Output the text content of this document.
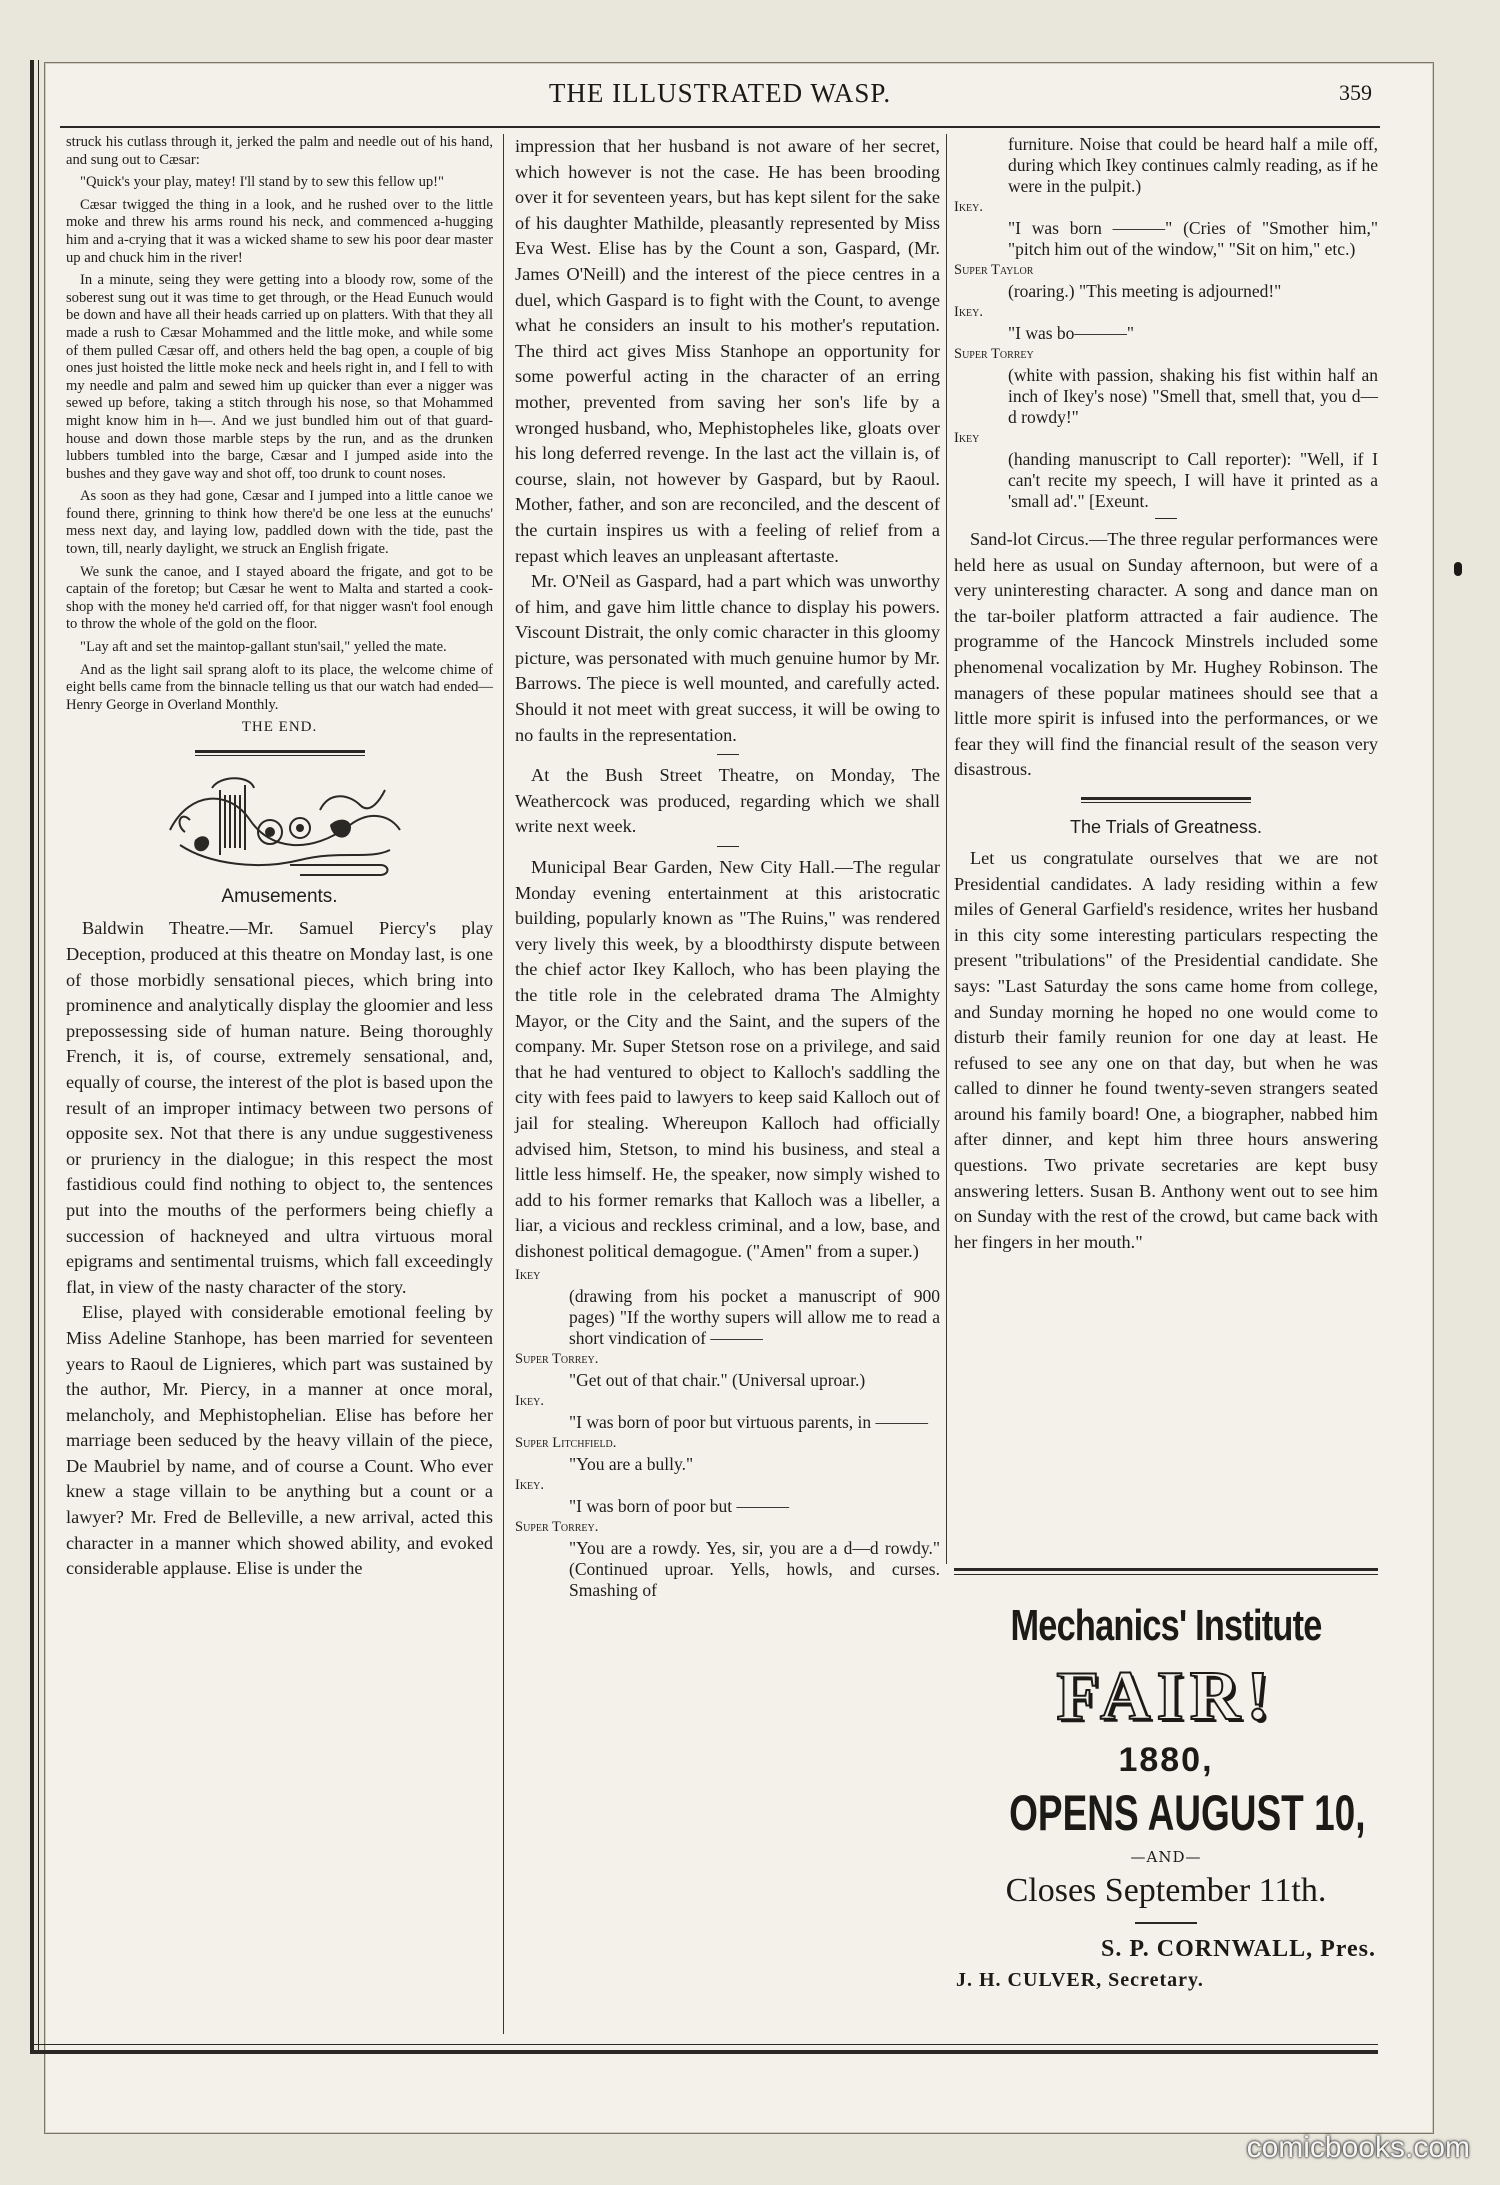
THE ILLUSTRATED WASP.	359

struck his cutlass through it, jerked the palm and needle out of his hand, and sung out to Cæsar:

"Quick's your play, matey! I'll stand by to sew this fellow up!"

Cæsar twigged the thing in a look, and he rushed over to the little moke and threw his arms round his neck, and commenced a-hugging him and a-crying that it was a wicked shame to sew his poor dear master up and chuck him in the river!

In a minute, seing they were getting into a bloody row, some of the soberest sung out it was time to get through, or the Head Eunuch would be down and have all their heads carried up on platters. With that they all made a rush to Cæsar Mohammed and the little moke, and while some of them pulled Cæsar off, and others held the bag open, a couple of big ones just hoisted the little moke neck and heels right in, and I fell to with my needle and palm and sewed him up quicker than ever a nigger was sewed up before, taking a stitch through his nose, so that Mohammed might know him in h—. And we just bundled him out of that guard-house and down those marble steps by the run, and as the drunken lubbers tumbled into the barge, Cæsar and I jumped aside into the bushes and they gave way and shot off, too drunk to count noses.

As soon as they had gone, Cæsar and I jumped into a little canoe we found there, grinning to think how there'd be one less at the eunuchs' mess next day, and laying low, paddled down with the tide, past the town, till, nearly daylight, we struck an English frigate.

We sunk the canoe, and I stayed aboard the frigate, and got to be captain of the foretop; but Cæsar he went to Malta and started a cook-shop with the money he'd carried off, for that nigger wasn't fool enough to throw the whole of the gold on the floor.

"Lay aft and set the maintop-gallant stun'sail," yelled the mate.

And as the light sail sprang aloft to its place, the welcome chime of eight bells came from the binnacle telling us that our watch had ended—Henry George in Overland Monthly.

THE END.
Amusements.

Baldwin Theatre.—Mr. Samuel Piercy's play Deception, produced at this theatre on Monday last, is one of those morbidly sensational pieces, which bring into prominence and analytically display the gloomier and less prepossessing side of human nature. Being thoroughly French, it is, of course, extremely sensational, and, equally of course, the interest of the plot is based upon the result of an improper intimacy between two persons of opposite sex. Not that there is any undue suggestiveness or pruriency in the dialogue; in this respect the most fastidious could find nothing to object to, the sentences put into the mouths of the performers being chiefly a succession of hackneyed and ultra virtuous moral epigrams and sentimental truisms, which fall exceedingly flat, in view of the nasty character of the story.

Elise, played with considerable emotional feeling by Miss Adeline Stanhope, has been married for seventeen years to Raoul de Lignieres, which part was sustained by the author, Mr. Piercy, in a manner at once moral, melancholy, and Mephistophelian. Elise has before her marriage been seduced by the heavy villain of the piece, De Maubriel by name, and of course a Count. Who ever knew a stage villain to be anything but a count or a lawyer? Mr. Fred de Belleville, a new arrival, acted this character in a manner which showed ability, and evoked considerable applause. Elise is under the

impression that her husband is not aware of her secret, which however is not the case. He has been brooding over it for seventeen years, but has kept silent for the sake of his daughter Mathilde, pleasantly represented by Miss Eva West. Elise has by the Count a son, Gaspard, (Mr. James O'Neill) and the interest of the piece centres in a duel, which Gaspard is to fight with the Count, to avenge what he considers an insult to his mother's reputation. The third act gives Miss Stanhope an opportunity for some powerful acting in the character of an erring mother, prevented from saving her son's life by a wronged husband, who, Mephistopheles like, gloats over his long deferred revenge. In the last act the villain is, of course, slain, not however by Gaspard, but by Raoul. Mother, father, and son are reconciled, and the descent of the curtain inspires us with a feeling of relief from a repast which leaves an unpleasant aftertaste.

Mr. O'Neil as Gaspard, had a part which was unworthy of him, and gave him little chance to display his powers. Viscount Distrait, the only comic character in this gloomy picture, was personated with much genuine humor by Mr. Barrows. The piece is well mounted, and carefully acted. Should it not meet with great success, it will be owing to no faults in the representation.

At the Bush Street Theatre, on Monday, The Weathercock was produced, regarding which we shall write next week.

Municipal Bear Garden, New City Hall.—The regular Monday evening entertainment at this aristocratic building, popularly known as "The Ruins," was rendered very lively this week, by a bloodthirsty dispute between the chief actor Ikey Kalloch, who has been playing the the title role in the celebrated drama The Almighty Mayor, or the City and the Saint, and the supers of the company. Mr. Super Stetson rose on a privilege, and said that he had ventured to object to Kalloch's saddling the city with fees paid to lawyers to keep said Kalloch out of jail for stealing. Whereupon Kalloch had officially advised him, Stetson, to mind his business, and steal a little less himself. He, the speaker, now simply wished to add to his former remarks that Kalloch was a libeller, a liar, a vicious and reckless criminal, and a low, base, and dishonest political demagogue. ("Amen" from a super.)

Ikey
(drawing from his pocket a manuscript of 900 pages) "If the worthy supers will allow me to read a short vindication of ———
Super Torrey.
"Get out of that chair." (Universal uproar.)
Ikey.
"I was born of poor but virtuous parents, in ———
Super Litchfield.
"You are a bully."
Ikey.
"I was born of poor but ———
Super Torrey.
"You are a rowdy. Yes, sir, you are a d—d rowdy." (Continued uproar. Yells, howls, and curses. Smashing of
furniture. Noise that could be heard half a mile off, during which Ikey continues calmly reading, as if he were in the pulpit.)
Ikey.
"I was born ———" (Cries of "Smother him," "pitch him out of the window," "Sit on him," etc.)
Super Taylor
(roaring.) "This meeting is adjourned!"
Ikey.
"I was bo———"
Super Torrey
(white with passion, shaking his fist within half an inch of Ikey's nose) "Smell that, smell that, you d—d rowdy!"
Ikey
(handing manuscript to Call reporter): "Well, if I can't recite my speech, I will have it printed as a 'small ad'." [Exeunt.

Sand-lot Circus.—The three regular performances were held here as usual on Sunday afternoon, but were of a very uninteresting character. A song and dance man on the tar-boiler platform attracted a fair audience. The programme of the Hancock Minstrels included some phenomenal vocalization by Mr. Hughey Robinson. The managers of these popular matinees should see that a little more spirit is infused into the performances, or we fear they will find the financial result of the season very disastrous.

The Trials of Greatness.

Let us congratulate ourselves that we are not Presidential candidates. A lady residing within a few miles of General Garfield's residence, writes her husband in this city some interesting particulars respecting the present "tribulations" of the Presidential candidate. She says: "Last Saturday the sons came home from college, and Sunday morning he hoped no one would come to disturb their family reunion for one day at least. He refused to see any one on that day, but when he was called to dinner he found twenty-seven strangers seated around his family board! One, a biographer, nabbed him after dinner, and kept him three hours answering questions. Two private secretaries are kept busy answering letters. Susan B. Anthony went out to see him on Sunday with the rest of the crowd, but came back with her fingers in her mouth."

Mechanics' Institute
FAIR!
1880,
OPENS AUGUST 10,
—AND—
Closes September 11th.
S. P. CORNWALL, Pres.
J. H. CULVER, Secretary.
comicbooks.com
